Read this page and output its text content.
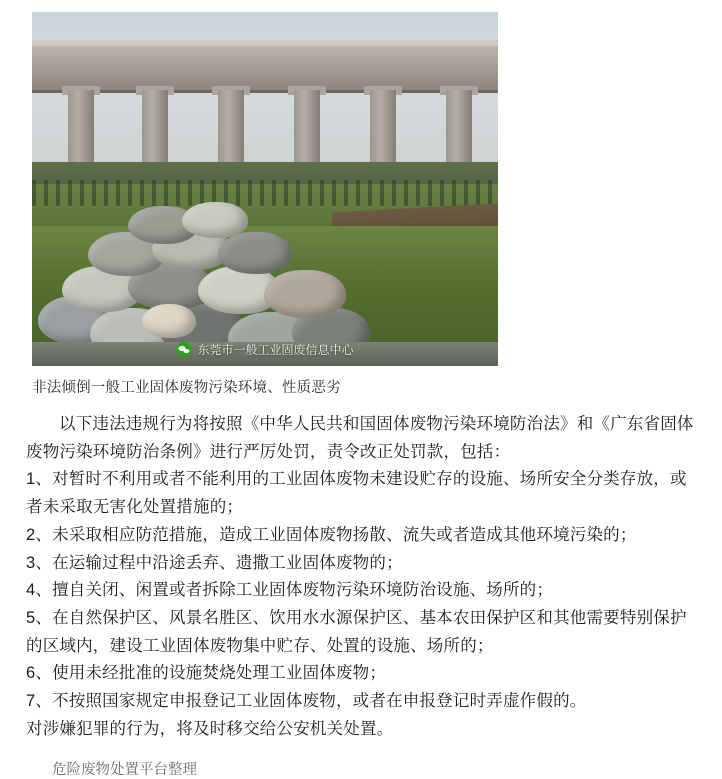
东莞市一般工业固废信息中心
非法倾倒一般工业固体废物污染环境、性质恶劣

以下违法违规行为将按照《中华人民共和国固体废物污染环境防治法》和《广东省固体废物污染环境防治条例》进行严厉处罚，责令改正处罚款，包括：

1、对暂时不利用或者不能利用的工业固体废物未建设贮存的设施、场所安全分类存放，或者未采取无害化处置措施的；

2、未采取相应防范措施，造成工业固体废物扬散、流失或者造成其他环境污染的；

3、在运输过程中沿途丢弃、遗撒工业固体废物的；

4、擅自关闭、闲置或者拆除工业固体废物污染环境防治设施、场所的；

5、在自然保护区、风景名胜区、饮用水水源保护区、基本农田保护区和其他需要特别保护的区域内，建设工业固体废物集中贮存、处置的设施、场所的；

6、使用未经批准的设施焚烧处理工业固体废物；

7、不按照国家规定申报登记工业固体废物，或者在申报登记时弄虚作假的。

对涉嫌犯罪的行为，将及时移交给公安机关处置。

危险废物处置平台整理
